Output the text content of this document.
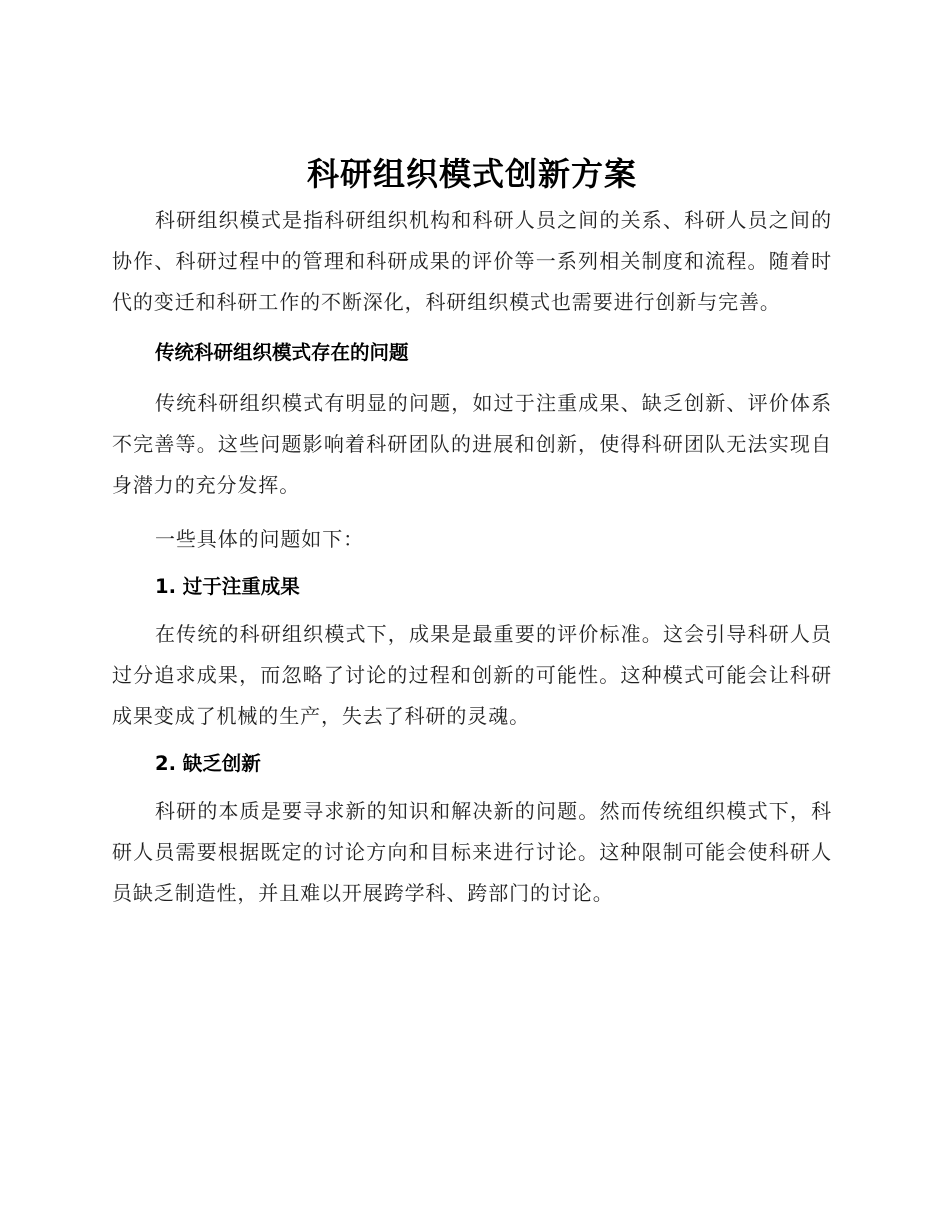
科研组织模式创新方案

科研组织模式是指科研组织机构和科研人员之间的关系、科研人员之间的协作、科研过程中的管理和科研成果的评价等一系列相关制度和流程。随着时代的变迁和科研工作的不断深化，科研组织模式也需要进行创新与完善。

传统科研组织模式存在的问题

传统科研组织模式有明显的问题，如过于注重成果、缺乏创新、评价体系不完善等。这些问题影响着科研团队的进展和创新，使得科研团队无法实现自身潜力的充分发挥。

一些具体的问题如下：

1. 过于注重成果

在传统的科研组织模式下，成果是最重要的评价标准。这会引导科研人员过分追求成果，而忽略了讨论的过程和创新的可能性。这种模式可能会让科研成果变成了机械的生产，失去了科研的灵魂。

2. 缺乏创新

科研的本质是要寻求新的知识和解决新的问题。然而传统组织模式下，科研人员需要根据既定的讨论方向和目标来进行讨论。这种限制可能会使科研人员缺乏制造性，并且难以开展跨学科、跨部门的讨论。
